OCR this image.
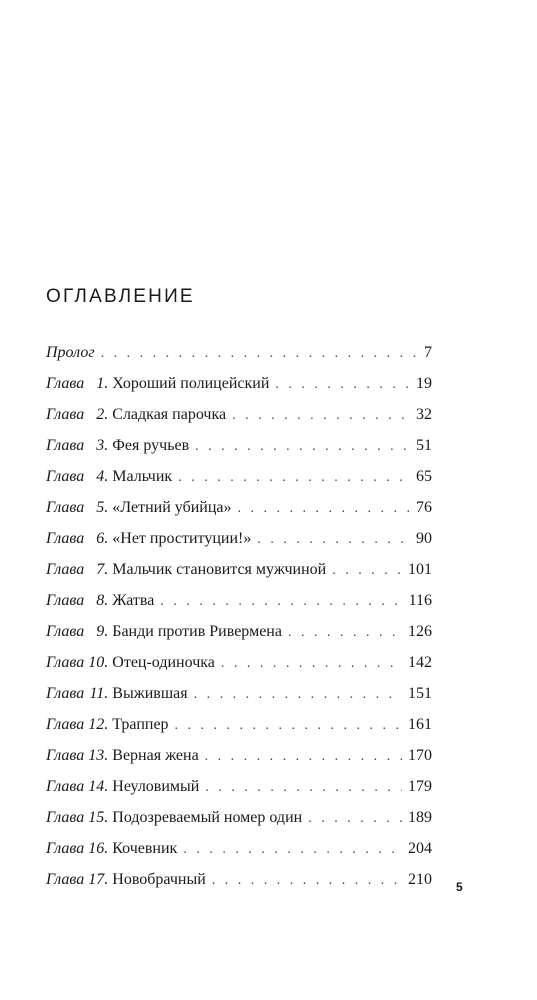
ОГЛАВЛЕНИЕ
Пролог . . .	7
Глава 1. Хороший полицейский . . .	19
Глава 2. Сладкая парочка . . .	32
Глава 3. Фея ручьев . . .	51
Глава 4. Мальчик . . .	65
Глава 5. «Летний убийца» . . .	76
Глава 6. «Нет проституции!» . . .	90
Глава 7. Мальчик становится мужчиной . . .	101
Глава 8. Жатва . . .	116
Глава 9. Банди против Ривермена . . .	126
Глава 10. Отец-одиночка . . .	142
Глава 11. Выжившая . . .	151
Глава 12. Траппер . . .	161
Глава 13. Верная жена . . .	170
Глава 14. Неуловимый . . .	179
Глава 15. Подозреваемый номер один . . .	189
Глава 16. Кочевник . . .	204
Глава 17. Новобрачный . . .	210 5
